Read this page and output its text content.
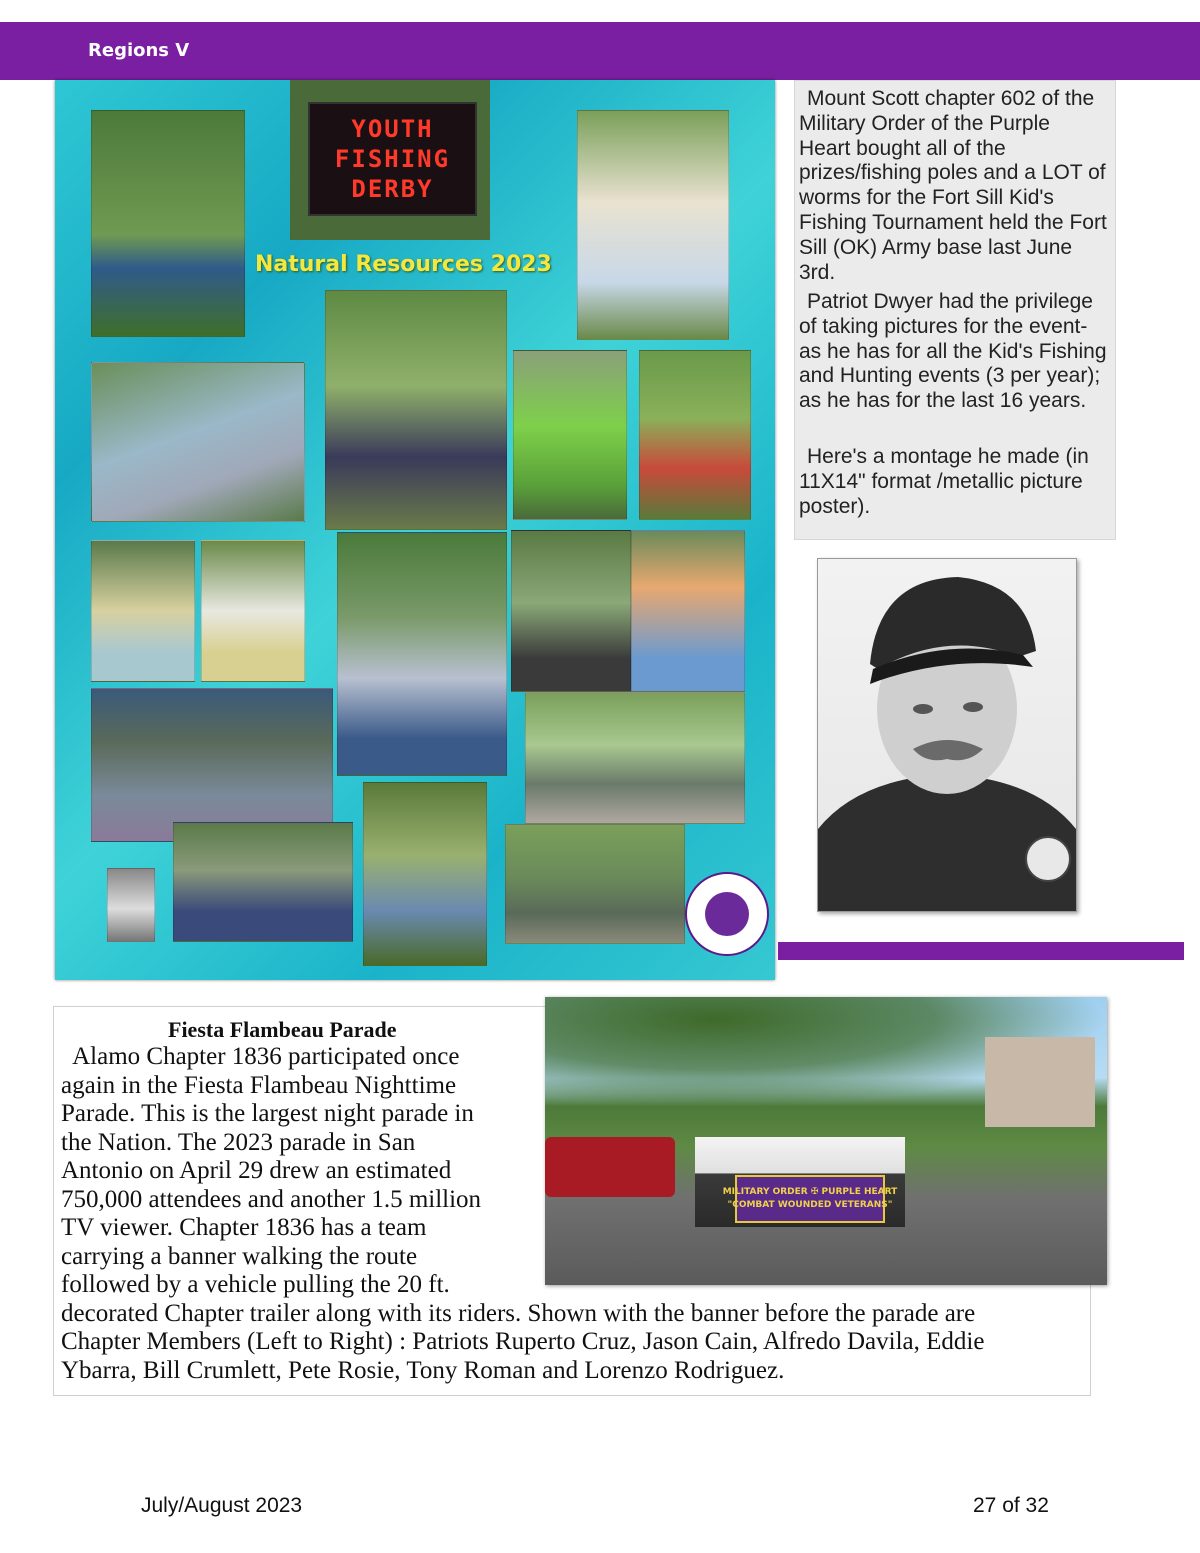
Regions V
YOUTH
FISHING
DERBY
Natural Resources 2023

Mount Scott chapter 602 of the Military Order of the Purple Heart bought all of the prizes/fishing poles and a LOT of worms for the Fort Sill Kid's Fishing Tournament held the Fort Sill (OK) Army base last June 3rd.

Patriot Dwyer had the privilege of taking pictures for the event- as he has for all the Kid's Fishing and Hunting events (3 per year); as he has for the last 16 years.

Here's a montage he made (in 11X14" format /metallic picture poster).

Fiesta Flambeau Parade

Alamo Chapter 1836 participated once
again in the Fiesta Flambeau Nighttime
Parade. This is the largest night parade in
the Nation. The 2023 parade in San
Antonio on April 29 drew an estimated
750,000 attendees and another 1.5 million
TV viewer. Chapter 1836 has a team
carrying a banner walking the route
followed by a vehicle pulling the 20 ft.
decorated Chapter trailer along with its riders. Shown with the banner before the parade are
Chapter Members (Left to Right) : Patriots Ruperto Cruz, Jason Cain, Alfredo Davila, Eddie
Ybarra, Bill Crumlett, Pete Rosie, Tony Roman and Lorenzo Rodriguez.
MILITARY ORDER ✠ PURPLE HEART
"COMBAT WOUNDED VETERANS"
July/August 2023	27 of 32
